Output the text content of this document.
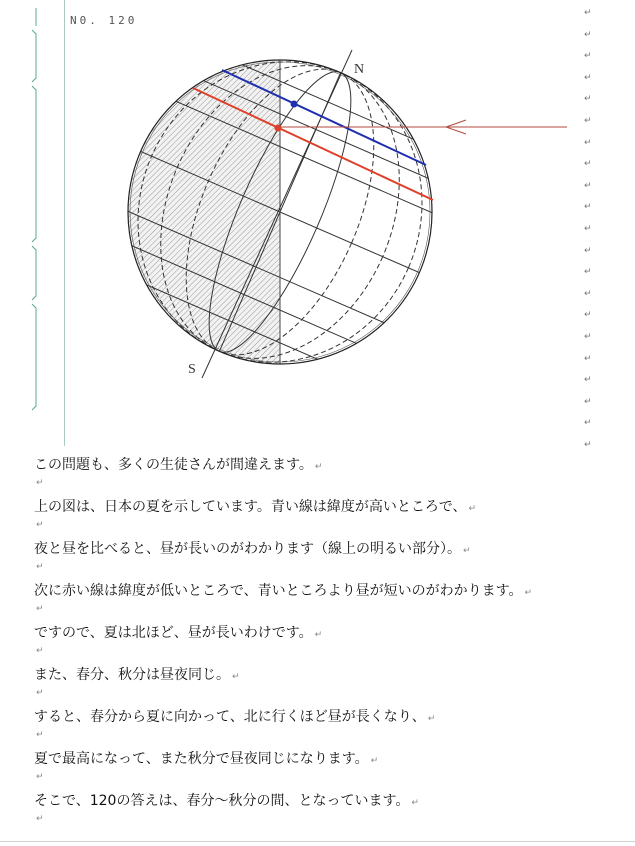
N0. 120
↵
↵
↵
↵
↵
↵
↵
↵
↵
↵
↵
↵
↵
↵
↵
↵
↵
↵
↵
↵
↵
N
S
この問題も、多くの生徒さんが間違えます。 ↵
↵
上の図は、日本の夏を示しています。青い線は緯度が高いところで、 ↵
↵
夜と昼を比べると、昼が長いのがわかります（線上の明るい部分）。 ↵
↵
次に赤い線は緯度が低いところで、青いところより昼が短いのがわかります。 ↵
↵
ですので、夏は北ほど、昼が長いわけです。 ↵
↵
また、春分、秋分は昼夜同じ。 ↵
↵
すると、春分から夏に向かって、北に行くほど昼が長くなり、 ↵
↵
夏で最高になって、また秋分で昼夜同じになります。 ↵
↵
そこで、120の答えは、春分～秋分の間、となっています。 ↵
↵
